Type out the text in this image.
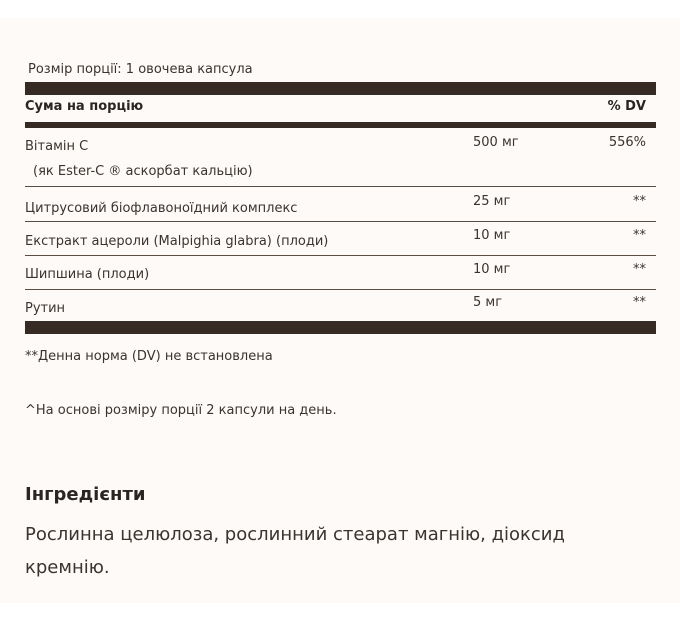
Розмір порції: 1 овочева капсула
Сума на порцію	% DV
Вітамін C
(як Ester-C ® аскорбат кальцію)
500 мг	556%
Цитрусовий біофлавоноїдний комплекс	25 мг	**
Екстракт ацероли (Malpighia glabra) (плоди)	10 мг	**
Шипшина (плоди)	10 мг	**
Рутин	5 мг	**
**Денна норма (DV) не встановлена
^На основі розміру порції 2 капсули на день.
Інгредієнти
Рослинна целюлоза, рослинний стеарат магнію, діоксид кремнію.
